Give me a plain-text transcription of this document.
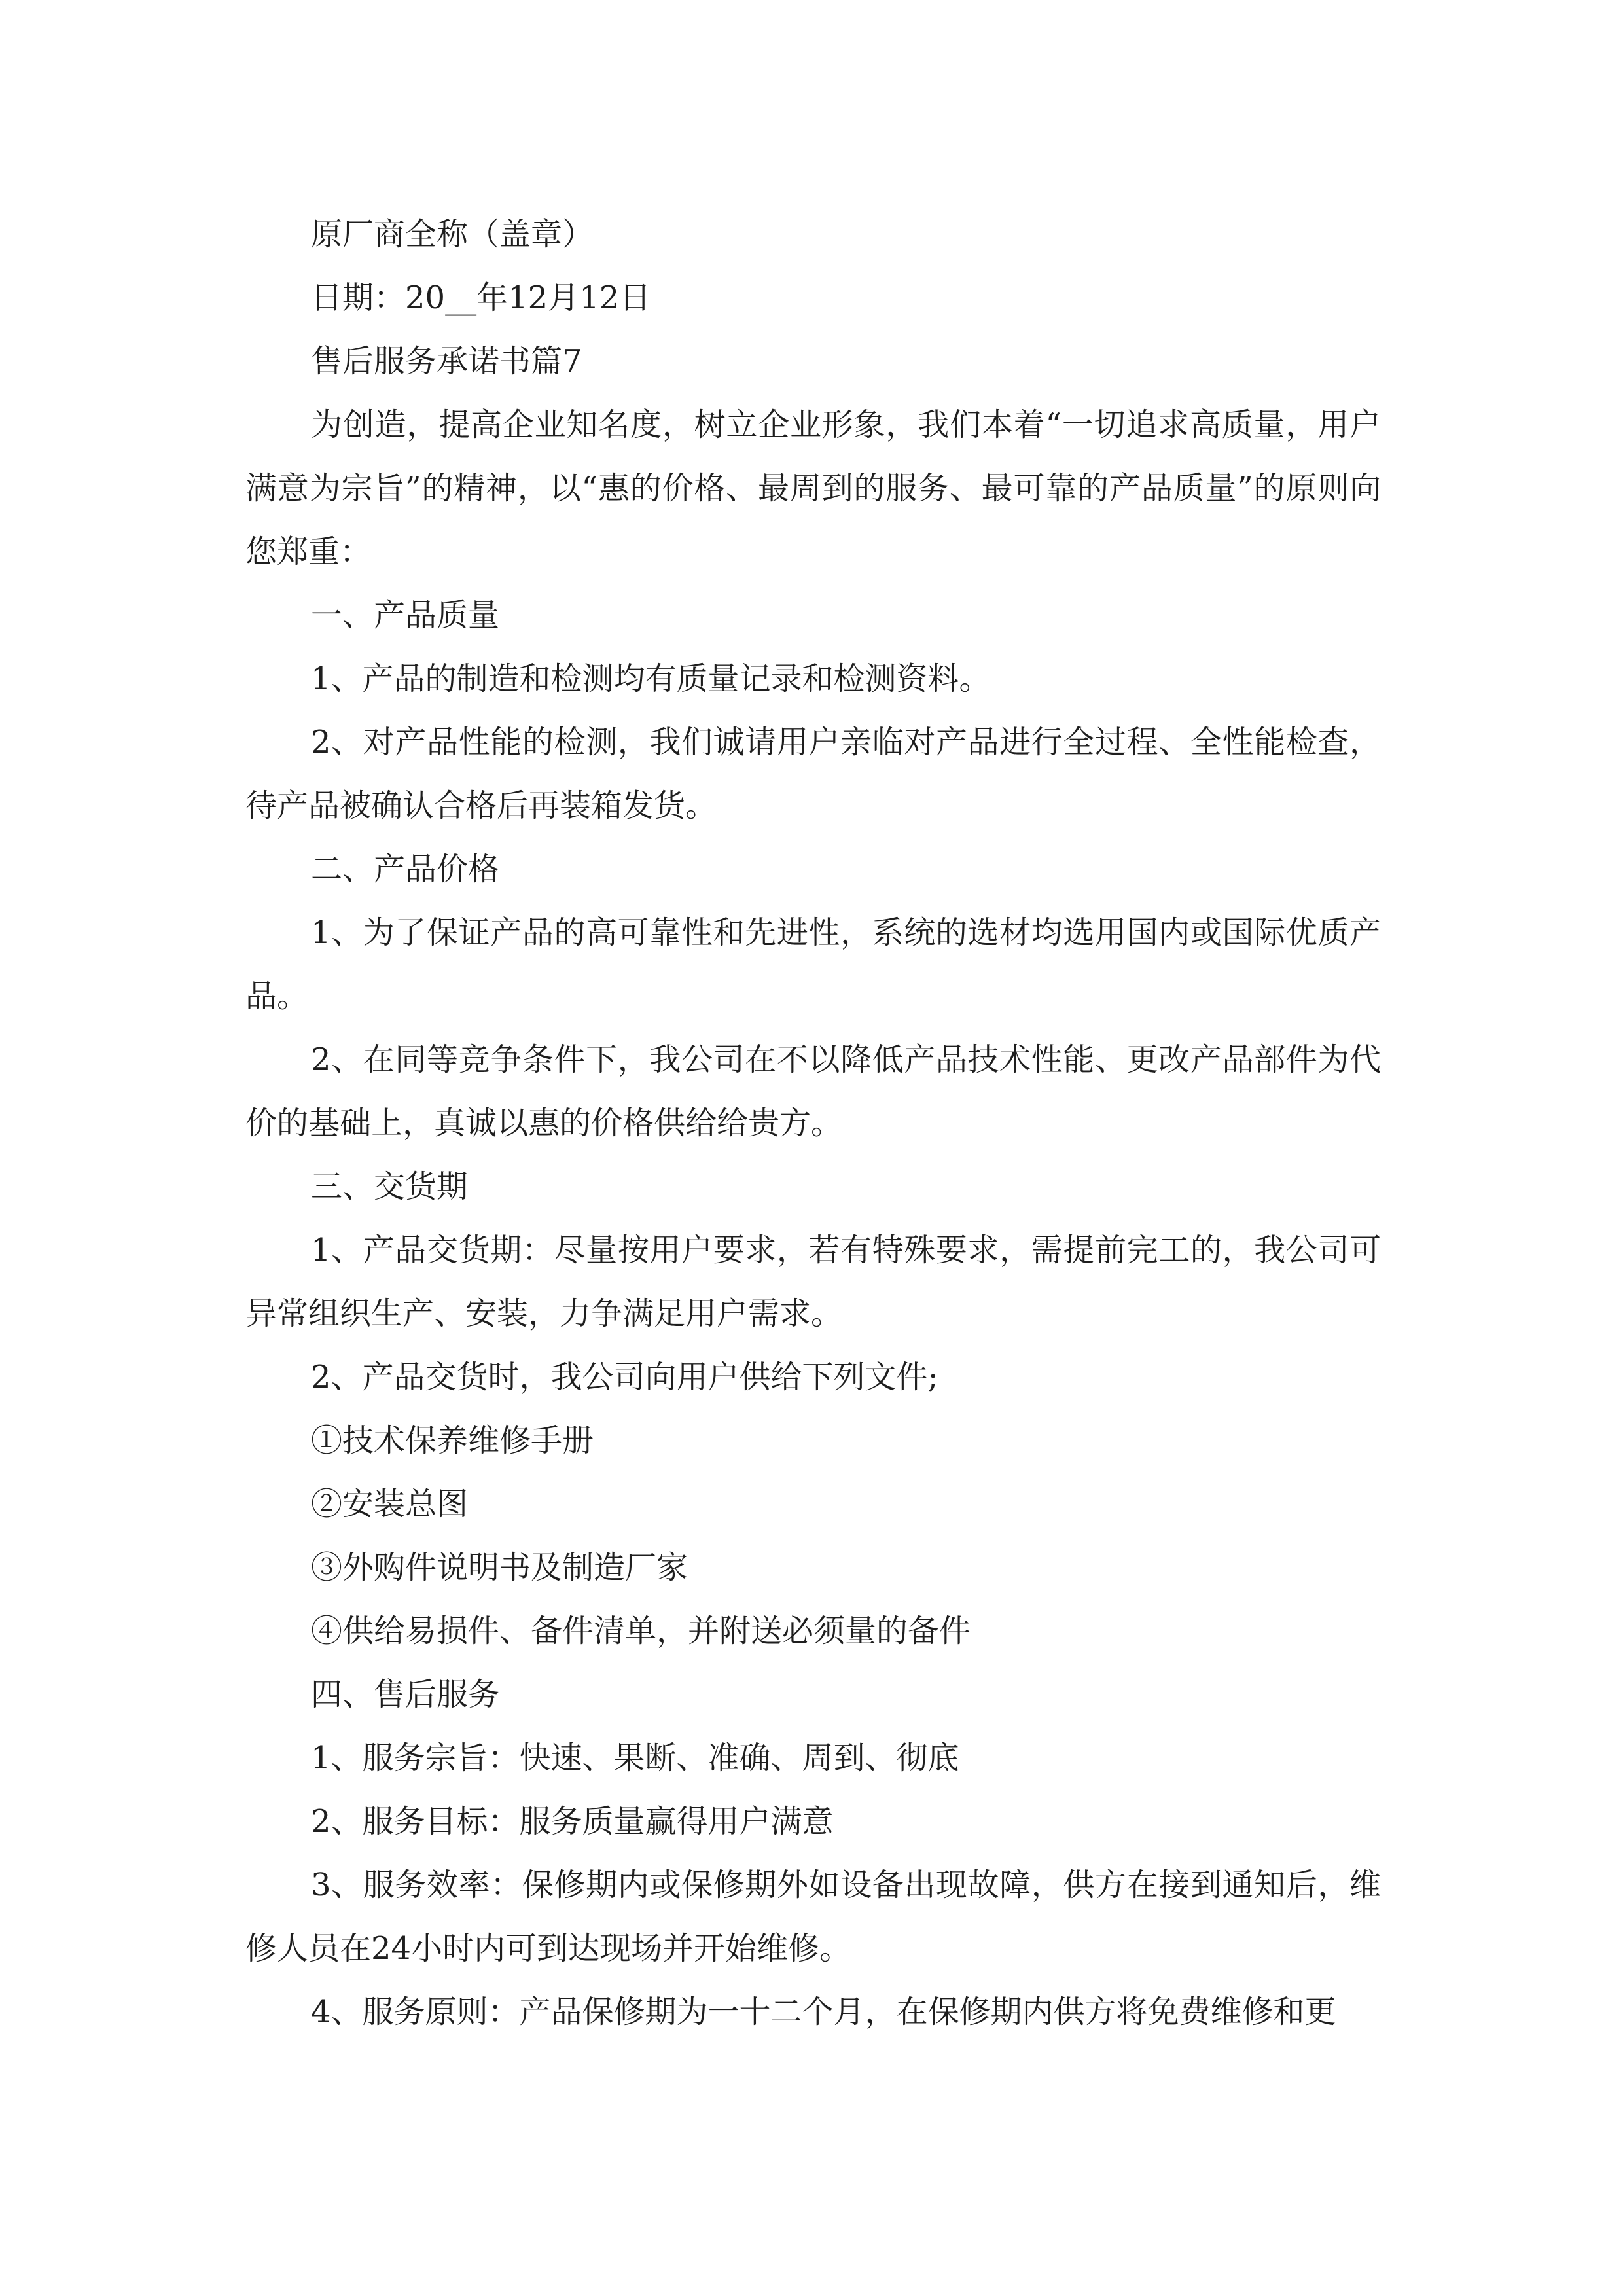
原厂商全称（盖章）

日期：20__年12月12日

售后服务承诺书篇7

为创造，提高企业知名度，树立企业形象，我们本着“一切追求高质量，用户满意为宗旨”的精神，以“惠的价格、最周到的服务、最可靠的产品质量”的原则向您郑重：

一、产品质量

1、产品的制造和检测均有质量记录和检测资料。

2、对产品性能的检测，我们诚请用户亲临对产品进行全过程、全性能检查，待产品被确认合格后再装箱发货。

二、产品价格

1、为了保证产品的高可靠性和先进性，系统的选材均选用国内或国际优质产品。

2、在同等竞争条件下，我公司在不以降低产品技术性能、更改产品部件为代价的基础上，真诚以惠的价格供给给贵方。

三、交货期

1、产品交货期：尽量按用户要求，若有特殊要求，需提前完工的，我公司可异常组织生产、安装，力争满足用户需求。

2、产品交货时，我公司向用户供给下列文件;

①技术保养维修手册

②安装总图

③外购件说明书及制造厂家

④供给易损件、备件清单，并附送必须量的备件

四、售后服务

1、服务宗旨：快速、果断、准确、周到、彻底

2、服务目标：服务质量赢得用户满意

3、服务效率：保修期内或保修期外如设备出现故障，供方在接到通知后，维修人员在24小时内可到达现场并开始维修。

4、服务原则：产品保修期为一十二个月，在保修期内供方将免费维修和更
